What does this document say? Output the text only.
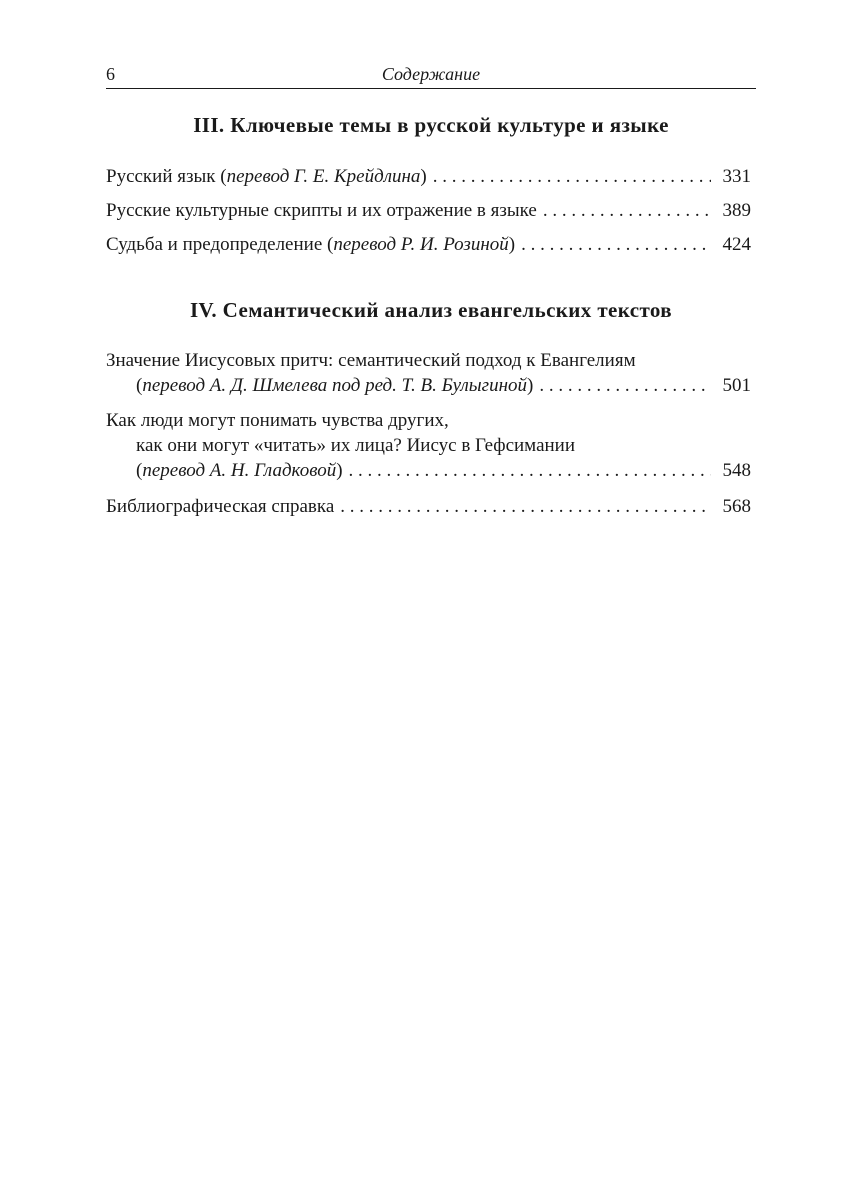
6	Содержание
III. Ключевые темы в русской культуре и языке
Русский язык (перевод Г. Е. Крейдлина) . . .	331
Русские культурные скрипты и их отражение в языке . . .	389
Судьба и предопределение (перевод Р. И. Розиной) . . .	424
IV. Семантический анализ евангельских текстов
Значение Иисусовых притч: семантический подход к Евангелиям
(перевод А. Д. Шмелева под ред. Т. В. Булыгиной) . . .	501
Как люди могут понимать чувства других,
как они могут «читать» их лица? Иисус в Гефсимании
(перевод А. Н. Гладковой) . . .	548
Библиографическая справка . . .	568
